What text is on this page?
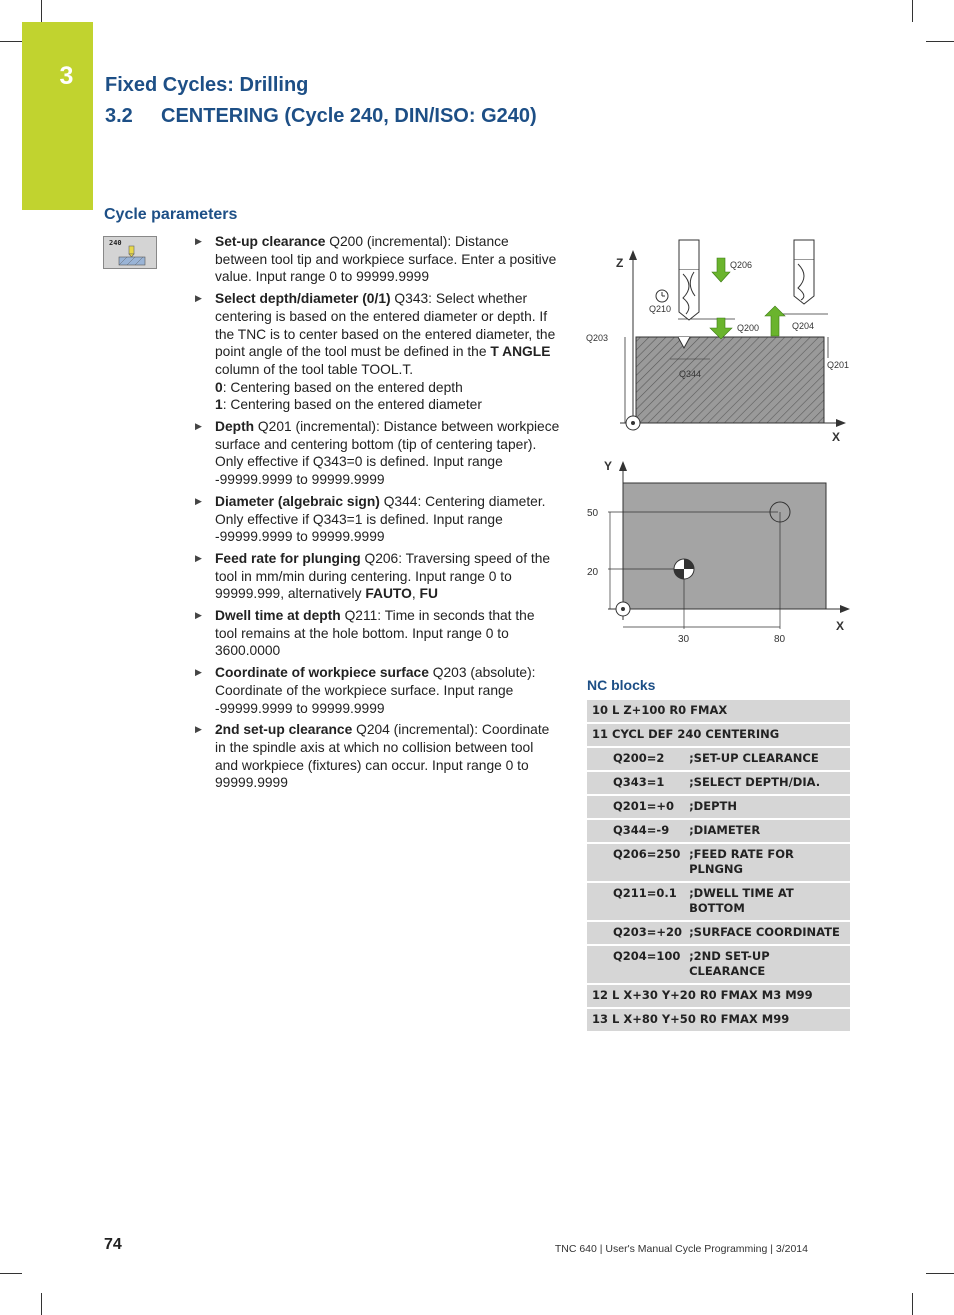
3	Fixed Cycles: Drilling
3.2 CENTERING (Cycle 240, DIN/ISO: G240)
Cycle parameters
240	▶ Set-up clearance Q200 (incremental): Distance between tool tip and workpiece surface. Enter a positive value. Input range 0 to 99999.9999
▶ Select depth/diameter (0/1) Q343: Select whether centering is based on the entered diameter or depth. If the TNC is to center based on the entered diameter, the point angle of the tool must be defined in the T ANGLE column of the tool table TOOL.T.
0: Centering based on the entered depth
1: Centering based on the entered diameter
▶ Depth Q201 (incremental): Distance between workpiece surface and centering bottom (tip of centering taper). Only effective if Q343=0 is defined. Input range -99999.9999 to 99999.9999
▶ Diameter (algebraic sign) Q344: Centering diameter. Only effective if Q343=1 is defined. Input range -99999.9999 to 99999.9999
▶ Feed rate for plunging Q206: Traversing speed of the tool in mm/min during centering. Input range 0 to 99999.999, alternatively FAUTO, FU
▶ Dwell time at depth Q211: Time in seconds that the tool remains at the hole bottom. Input range 0 to 3600.0000
▶ Coordinate of workpiece surface Q203 (absolute): Coordinate of the workpiece surface. Input range -99999.9999 to 99999.9999
▶ 2nd set-up clearance Q204 (incremental): Coordinate in the spindle axis at which no collision between tool and workpiece (fixtures) can occur. Input range 0 to 99999.9999
Z
X
Q206
Q210
Q200	Q204
Q203
Q201
Q344
Y
X
50
20
30	80
NC blocks
10 L Z+100 R0 FMAX	
11 CYCL DEF 240 CENTERING	
Q200=2	;SET-UP CLEARANCE
Q343=1	;SELECT DEPTH/DIA.
Q201=+0	;DEPTH
Q344=-9	;DIAMETER
Q206=250	;FEED RATE FOR PLNGNG
Q211=0.1	;DWELL TIME AT BOTTOM
Q203=+20	;SURFACE COORDINATE
Q204=100	;2ND SET-UP CLEARANCE
12 L X+30 Y+20 R0 FMAX M3 M99	
13 L X+80 Y+50 R0 FMAX M99	
74	TNC 640 | User's Manual Cycle Programming | 3/2014
